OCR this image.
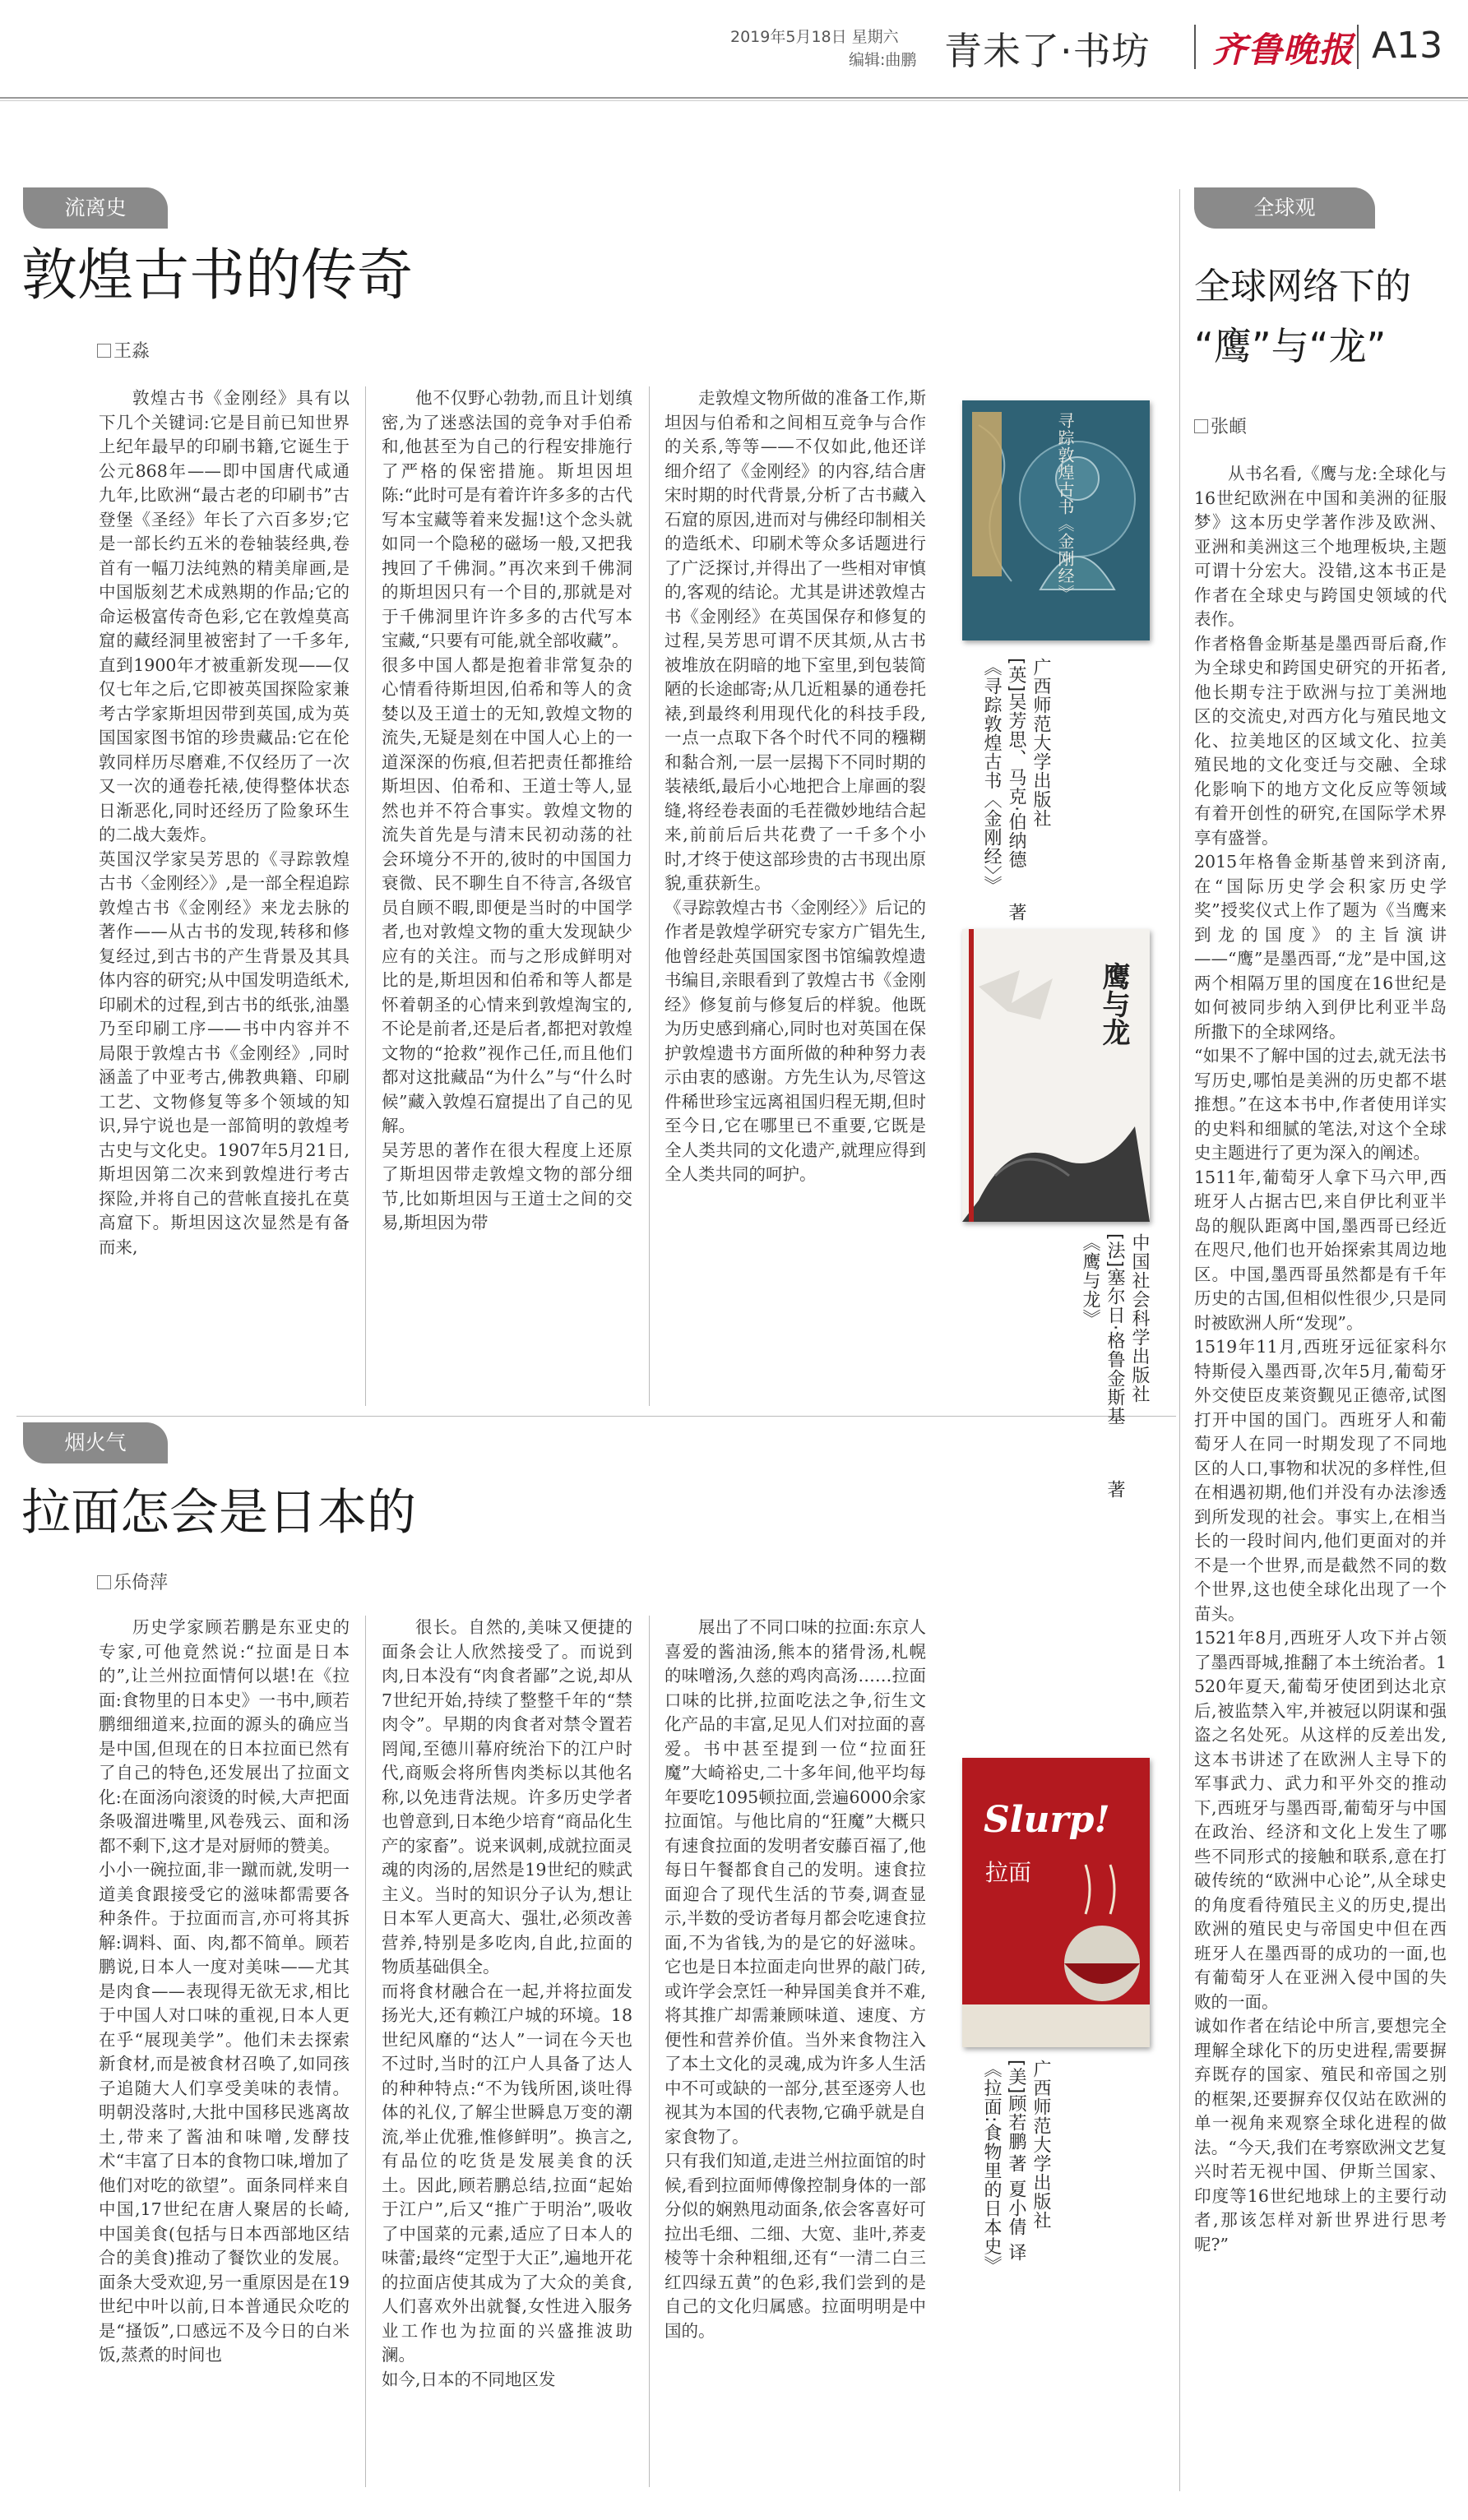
2019年5月18日 星期六
编辑:曲鹏 青未了·书坊 齐鲁晚报 A13
流离史
敦煌古书的传奇
王淼
敦煌古书《金刚经》具有以下几个关键词:它是目前已知世界上纪年最早的印刷书籍,它诞生于公元868年——即中国唐代咸通九年,比欧洲“最古老的印刷书”古登堡《圣经》年长了六百多岁;它是一部长约五米的卷轴装经典,卷首有一幅刀法纯熟的精美扉画,是中国版刻艺术成熟期的作品;它的命运极富传奇色彩,它在敦煌莫高窟的藏经洞里被密封了一千多年,直到1900年才被重新发现——仅仅七年之后,它即被英国探险家兼考古学家斯坦因带到英国,成为英国国家图书馆的珍贵藏品:它在伦敦同样历尽磨难,不仅经历了一次又一次的通卷托裱,使得整体状态日渐恶化,同时还经历了险象环生的二战大轰炸。
英国汉学家吴芳思的《寻踪敦煌古书〈金刚经〉》,是一部全程追踪敦煌古书《金刚经》来龙去脉的著作——从古书的发现,转移和修复经过,到古书的产生背景及其具体内容的研究;从中国发明造纸术,印刷术的过程,到古书的纸张,油墨乃至印刷工序——书中内容并不局限于敦煌古书《金刚经》,同时涵盖了中亚考古,佛教典籍、印刷工艺、文物修复等多个领域的知识,异宁说也是一部简明的敦煌考古史与文化史。1907年5月21日,斯坦因第二次来到敦煌进行考古探险,并将自己的营帐直接扎在莫高窟下。斯坦因这次显然是有备而来,
他不仅野心勃勃,而且计划缜密,为了迷惑法国的竞争对手伯希和,他甚至为自己的行程安排施行了严格的保密措施。斯坦因坦陈:“此时可是有着许许多多的古代写本宝藏等着来发掘!这个念头就如同一个隐秘的磁场一般,又把我拽回了千佛洞。”再次来到千佛洞的斯坦因只有一个目的,那就是对于千佛洞里许许多多的古代写本宝藏,“只要有可能,就全部收藏”。
很多中国人都是抱着非常复杂的心情看待斯坦因,伯希和等人的贪婪以及王道士的无知,敦煌文物的流失,无疑是刻在中国人心上的一道深深的伤痕,但若把责任都推给斯坦因、伯希和、王道士等人,显然也并不符合事实。敦煌文物的流失首先是与清末民初动荡的社会环境分不开的,彼时的中国国力衰微、民不聊生自不待言,各级官员自顾不暇,即便是当时的中国学者,也对敦煌文物的重大发现缺少应有的关注。而与之形成鲜明对比的是,斯坦因和伯希和等人都是怀着朝圣的心情来到敦煌淘宝的,不论是前者,还是后者,都把对敦煌文物的“抢救”视作己任,而且他们都对这批藏品“为什么”与“什么时候”藏入敦煌石窟提出了自己的见解。
吴芳思的著作在很大程度上还原了斯坦因带走敦煌文物的部分细节,比如斯坦因与王道士之间的交易,斯坦因为带
走敦煌文物所做的准备工作,斯坦因与伯希和之间相互竞争与合作的关系,等等——不仅如此,他还详细介绍了《金刚经》的内容,结合唐宋时期的时代背景,分析了古书藏入石窟的原因,进而对与佛经印制相关的造纸术、印刷术等众多话题进行了广泛探讨,并得出了一些相对审慎的,客观的结论。尤其是讲述敦煌古书《金刚经》在英国保存和修复的过程,吴芳思可谓不厌其烦,从古书被堆放在阴暗的地下室里,到包装简陋的长途邮寄;从几近粗暴的通卷托裱,到最终利用现代化的科技手段,一点一点取下各个时代不同的糨糊和黏合剂,一层一层揭下不同时期的装裱纸,最后小心地把合上扉画的裂缝,将经卷表面的毛茬微妙地结合起来,前前后后共花费了一千多个小时,才终于使这部珍贵的古书现出原貌,重获新生。
《寻踪敦煌古书〈金刚经〉》后记的作者是敦煌学研究专家方广锠先生,他曾经赴英国国家图书馆编敦煌遗书编目,亲眼看到了敦煌古书《金刚经》修复前与修复后的样貌。他既为历史感到痛心,同时也对英国在保护敦煌遗书方面所做的种种努力表示由衷的感谢。方先生认为,尽管这件稀世珍宝远离祖国归程无期,但时至今日,它在哪里已不重要,它既是全人类共同的文化遗产,就理应得到全人类共同的呵护。
寻踪敦煌古书《金刚经》
广西师范大学出版社
[英]吴芳思、马克·伯纳德
《寻踪敦煌古书〈金刚经〉》
著
鹰与龙
中国社会科学出版社
[法]塞尔日·格鲁金斯基
著
《鹰与龙》
全球观
全球网络下的
“鹰”与“龙”
张頔
从书名看,《鹰与龙:全球化与16世纪欧洲在中国和美洲的征服梦》这本历史学著作涉及欧洲、亚洲和美洲这三个地理板块,主题可谓十分宏大。没错,这本书正是作者在全球史与跨国史领域的代表作。
作者格鲁金斯基是墨西哥后裔,作为全球史和跨国史研究的开拓者,他长期专注于欧洲与拉丁美洲地区的交流史,对西方化与殖民地文化、拉美地区的区域文化、拉美殖民地的文化变迁与交融、全球化影响下的地方文化反应等领域有着开创性的研究,在国际学术界享有盛誉。
2015年格鲁金斯基曾来到济南,在“国际历史学会积家历史学奖”授奖仪式上作了题为《当鹰来到龙的国度》的主旨演讲——“鹰”是墨西哥,“龙”是中国,这两个相隔万里的国度在16世纪是如何被同步纳入到伊比利亚半岛所撒下的全球网络。
“如果不了解中国的过去,就无法书写历史,哪怕是美洲的历史都不堪推想。”在这本书中,作者使用详实的史料和细腻的笔法,对这个全球史主题进行了更为深入的阐述。
1511年,葡萄牙人拿下马六甲,西班牙人占据古巴,来自伊比利亚半岛的舰队距离中国,墨西哥已经近在咫尺,他们也开始探索其周边地区。中国,墨西哥虽然都是有千年历史的古国,但相似性很少,只是同时被欧洲人所“发现”。
1519年11月,西班牙远征家科尔特斯侵入墨西哥,次年5月,葡萄牙外交使臣皮莱资觐见正德帝,试图打开中国的国门。西班牙人和葡萄牙人在同一时期发现了不同地区的人口,事物和状况的多样性,但在相遇初期,他们并没有办法渗透到所发现的社会。事实上,在相当长的一段时间内,他们更面对的并不是一个世界,而是截然不同的数个世界,这也使全球化出现了一个苗头。
1521年8月,西班牙人攻下并占领了墨西哥城,推翻了本土统治者。1520年夏天,葡萄牙使团到达北京后,被监禁入牢,并被冠以阴谋和强盗之名处死。从这样的反差出发,这本书讲述了在欧洲人主导下的军事武力、武力和平外交的推动下,西班牙与墨西哥,葡萄牙与中国在政治、经济和文化上发生了哪些不同形式的接触和联系,意在打破传统的“欧洲中心论”,从全球史的角度看待殖民主义的历史,提出欧洲的殖民史与帝国史中但在西班牙人在墨西哥的成功的一面,也有葡萄牙人在亚洲入侵中国的失败的一面。
诚如作者在结论中所言,要想完全理解全球化下的历史进程,需要摒弃既存的国家、殖民和帝国之别的框架,还要摒弃仅仅站在欧洲的单一视角来观察全球化进程的做法。“今天,我们在考察欧洲文艺复兴时若无视中国、伊斯兰国家、印度等16世纪地球上的主要行动者,那该怎样对新世界进行思考呢?”
烟火气
拉面怎会是日本的
乐倚萍
历史学家顾若鹏是东亚史的专家,可他竟然说:“拉面是日本的”,让兰州拉面情何以堪!在《拉面:食物里的日本史》一书中,顾若鹏细细道来,拉面的源头的确应当是中国,但现在的日本拉面已然有了自己的特色,还发展出了拉面文化:在面汤向滚烫的时候,大声把面条吸溜进嘴里,风卷残云、面和汤都不剩下,这才是对厨师的赞美。
小小一碗拉面,非一蹴而就,发明一道美食跟接受它的滋味都需要各种条件。于拉面而言,亦可将其拆解:调料、面、肉,都不简单。顾若鹏说,日本人一度对美味——尤其是肉食——表现得无欲无求,相比于中国人对口味的重视,日本人更在乎“展现美学”。他们未去探索新食材,而是被食材召唤了,如同孩子追随大人们享受美味的表情。明朝没落时,大批中国移民逃离故土,带来了酱油和味噌,发酵技术“丰富了日本的食物口味,增加了他们对吃的欲望”。面条同样来自中国,17世纪在唐人聚居的长崎,中国美食(包括与日本西部地区结合的美食)推动了餐饮业的发展。面条大受欢迎,另一重原因是在19世纪中叶以前,日本普通民众吃的是“搔饭”,口感远不及今日的白米饭,蒸煮的时间也
很长。自然的,美味又便捷的面条会让人欣然接受了。而说到肉,日本没有“肉食者鄙”之说,却从7世纪开始,持续了整整千年的“禁肉令”。早期的肉食者对禁令置若罔闻,至德川幕府统治下的江户时代,商贩会将所售肉类标以其他名称,以免违背法规。许多历史学者也曾意到,日本绝少培育“商品化生产的家畜”。说来讽刺,成就拉面灵魂的肉汤的,居然是19世纪的赎武主义。当时的知识分子认为,想让日本军人更高大、强壮,必须改善营养,特别是多吃肉,自此,拉面的物质基础俱全。
而将食材融合在一起,并将拉面发扬光大,还有赖江户城的环境。18世纪风靡的“达人”一词在今天也不过时,当时的江户人具备了达人的种种特点:“不为钱所困,谈吐得体的礼仪,了解尘世瞬息万变的潮流,举止优雅,惟修鲜明”。换言之,有品位的吃货是发展美食的沃土。因此,顾若鹏总结,拉面“起始于江户”,后又“推广于明治”,吸收了中国菜的元素,适应了日本人的味蕾;最终“定型于大正”,遍地开花的拉面店使其成为了大众的美食,人们喜欢外出就餐,女性进入服务业工作也为拉面的兴盛推波助澜。
如今,日本的不同地区发
展出了不同口味的拉面:东京人喜爱的酱油汤,熊本的猪骨汤,札幌的味噌汤,久慈的鸡肉高汤……拉面口味的比拼,拉面吃法之争,衍生文化产品的丰富,足见人们对拉面的喜爱。书中甚至提到一位“拉面狂魔”大崎裕史,二十多年间,他平均每年要吃1095顿拉面,尝遍6000余家拉面馆。与他比肩的“狂魔”大概只有速食拉面的发明者安藤百福了,他每日午餐都食自己的发明。速食拉面迎合了现代生活的节奏,调查显示,半数的受访者每月都会吃速食拉面,不为省钱,为的是它的好滋味。它也是日本拉面走向世界的敲门砖,或许学会烹饪一种异国美食并不难,将其推广却需兼顾味道、速度、方便性和营养价值。当外来食物注入了本土文化的灵魂,成为许多人生活中不可或缺的一部分,甚至逐旁人也视其为本国的代表物,它确乎就是自家食物了。
只有我们知道,走进兰州拉面馆的时候,看到拉面师傅像控制身体的一部分似的娴熟甩动面条,依会客喜好可拉出毛细、二细、大宽、韭叶,荞麦棱等十余种粗细,还有“一清二白三红四绿五黄”的色彩,我们尝到的是自己的文化归属感。拉面明明是中国的。
Slurp!
拉面
广西师范大学出版社
[美]顾若鹏
著 夏小倩 译
《拉面:食物里的日本史》
